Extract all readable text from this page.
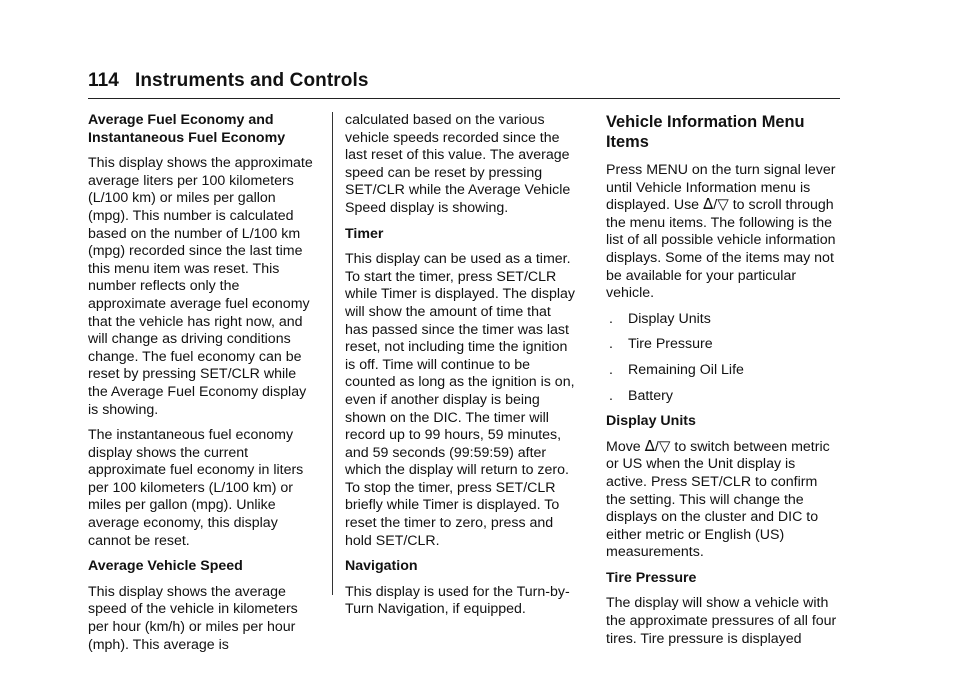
114 Instruments and Controls
Average Fuel Economy and Instantaneous Fuel Economy

This display shows the approximate average liters per 100 kilometers (L/100 km) or miles per gallon (mpg). This number is calculated based on the number of L/100 km (mpg) recorded since the last time this menu item was reset. This number reflects only the approximate average fuel economy that the vehicle has right now, and will change as driving conditions change. The fuel economy can be reset by pressing SET/CLR while the Average Fuel Economy display is showing.

The instantaneous fuel economy display shows the current approximate fuel economy in liters per 100 kilometers (L/100 km) or miles per gallon (mpg). Unlike average economy, this display cannot be reset.

Average Vehicle Speed

This display shows the average speed of the vehicle in kilometers per hour (km/h) or miles per hour (mph). This average is

calculated based on the various vehicle speeds recorded since the last reset of this value. The average speed can be reset by pressing SET/CLR while the Average Vehicle Speed display is showing.

Timer

This display can be used as a timer. To start the timer, press SET/CLR while Timer is displayed. The display will show the amount of time that has passed since the timer was last reset, not including time the ignition is off. Time will continue to be counted as long as the ignition is on, even if another display is being shown on the DIC. The timer will record up to 99 hours, 59 minutes, and 59 seconds (99:59:59) after which the display will return to zero. To stop the timer, press SET/CLR briefly while Timer is displayed. To reset the timer to zero, press and hold SET/CLR.

Navigation

This display is used for the Turn-by-Turn Navigation, if equipped.

Vehicle Information Menu Items

Press MENU on the turn signal lever until Vehicle Information menu is displayed. Use ᐃ/▽ to scroll through the menu items. The following is the list of all possible vehicle information displays. Some of the items may not be available for your particular vehicle.

. Display Units
. Tire Pressure
. Remaining Oil Life
. Battery
Display Units

Move ᐃ/▽ to switch between metric or US when the Unit display is active. Press SET/CLR to confirm the setting. This will change the displays on the cluster and DIC to either metric or English (US) measurements.

Tire Pressure

The display will show a vehicle with the approximate pressures of all four tires. Tire pressure is displayed
